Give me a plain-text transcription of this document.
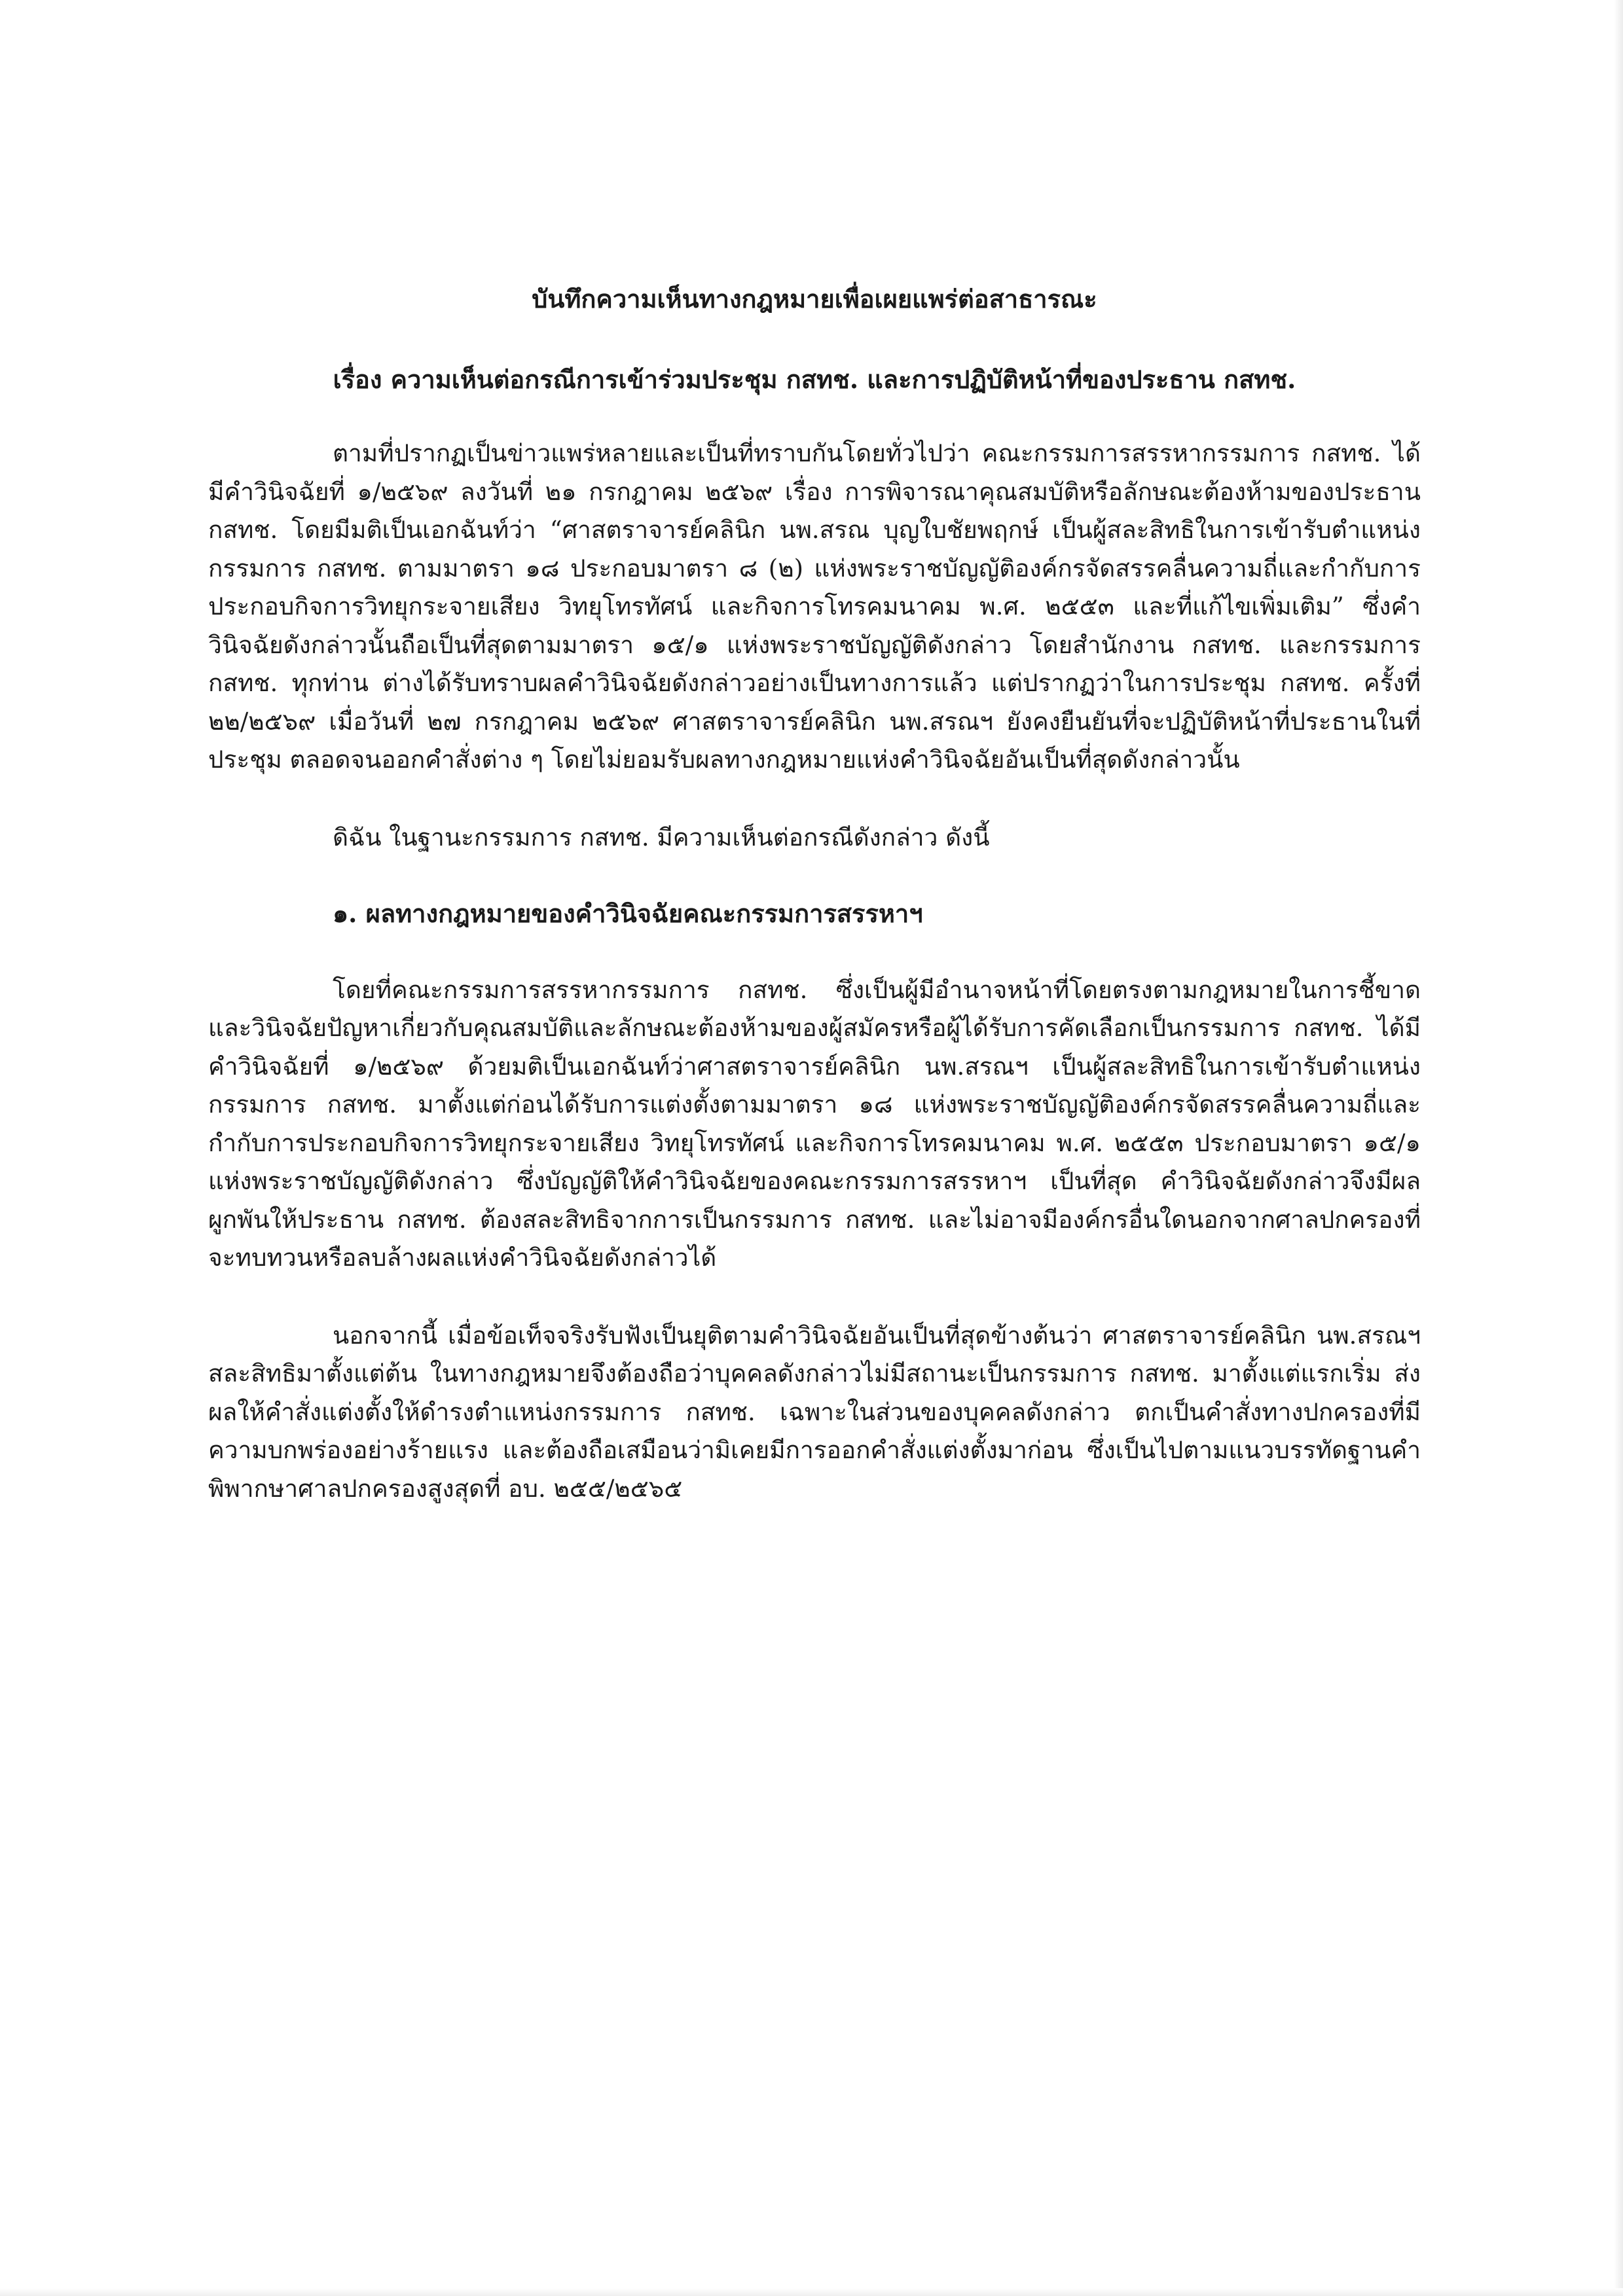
บันทึกความเห็นทางกฎหมายเพื่อเผยแพร่ต่อสาธารณะ
เรื่อง ความเห็นต่อกรณีการเข้าร่วมประชุม กสทช. และการปฏิบัติหน้าที่ของประธาน กสทช.

ตามที่ปรากฏเป็นข่าวแพร่หลายและเป็นที่ทราบกันโดยทั่วไปว่า คณะกรรมการสรรหากรรมการ กสทช. ได้มีคำวินิจฉัยที่ ๑/๒๕๖๙ ลงวันที่ ๒๑ กรกฎาคม ๒๕๖๙ เรื่อง การพิจารณาคุณสมบัติหรือลักษณะต้องห้ามของประธาน กสทช. โดยมีมติเป็นเอกฉันท์ว่า “ศาสตราจารย์คลินิก นพ.สรณ บุญใบชัยพฤกษ์ เป็นผู้สละสิทธิในการเข้ารับตำแหน่งกรรมการ กสทช. ตามมาตรา ๑๘ ประกอบมาตรา ๘ (๒) แห่งพระราชบัญญัติองค์กรจัดสรรคลื่นความถี่และกำกับการประกอบกิจการวิทยุกระจายเสียง วิทยุโทรทัศน์ และกิจการโทรคมนาคม พ.ศ. ๒๕๕๓ และที่แก้ไขเพิ่มเติม” ซึ่งคำวินิจฉัยดังกล่าวนั้นถือเป็นที่สุดตามมาตรา ๑๕/๑ แห่งพระราชบัญญัติดังกล่าว โดยสำนักงาน กสทช. และกรรมการ กสทช. ทุกท่าน ต่างได้รับทราบผลคำวินิจฉัยดังกล่าวอย่างเป็นทางการแล้ว แต่ปรากฏว่าในการประชุม กสทช. ครั้งที่ ๒๒/๒๕๖๙ เมื่อวันที่ ๒๗ กรกฎาคม ๒๕๖๙ ศาสตราจารย์คลินิก นพ.สรณฯ ยังคงยืนยันที่จะปฏิบัติหน้าที่ประธานในที่ประชุม ตลอดจนออกคำสั่งต่าง ๆ โดยไม่ยอมรับผลทางกฎหมายแห่งคำวินิจฉัยอันเป็นที่สุดดังกล่าวนั้น

ดิฉัน ในฐานะกรรมการ กสทช. มีความเห็นต่อกรณีดังกล่าว ดังนี้

๑. ผลทางกฎหมายของคำวินิจฉัยคณะกรรมการสรรหาฯ

โดยที่คณะกรรมการสรรหากรรมการ กสทช. ซึ่งเป็นผู้มีอำนาจหน้าที่โดยตรงตามกฎหมายในการชี้ขาดและวินิจฉัยปัญหาเกี่ยวกับคุณสมบัติและลักษณะต้องห้ามของผู้สมัครหรือผู้ได้รับการคัดเลือกเป็นกรรมการ กสทช. ได้มีคำวินิจฉัยที่ ๑/๒๕๖๙ ด้วยมติเป็นเอกฉันท์ว่าศาสตราจารย์คลินิก นพ.สรณฯ เป็นผู้สละสิทธิในการเข้ารับตำแหน่งกรรมการ กสทช. มาตั้งแต่ก่อนได้รับการแต่งตั้งตามมาตรา ๑๘ แห่งพระราชบัญญัติองค์กรจัดสรรคลื่นความถี่และกำกับการประกอบกิจการวิทยุกระจายเสียง วิทยุโทรทัศน์ และกิจการโทรคมนาคม พ.ศ. ๒๕๕๓ ประกอบมาตรา ๑๕/๑ แห่งพระราชบัญญัติดังกล่าว ซึ่งบัญญัติให้คำวินิจฉัยของคณะกรรมการสรรหาฯ เป็นที่สุด คำวินิจฉัยดังกล่าวจึงมีผลผูกพันให้ประธาน กสทช. ต้องสละสิทธิจากการเป็นกรรมการ กสทช. และไม่อาจมีองค์กรอื่นใดนอกจากศาลปกครองที่จะทบทวนหรือลบล้างผลแห่งคำวินิจฉัยดังกล่าวได้

นอกจากนี้ เมื่อข้อเท็จจริงรับฟังเป็นยุติตามคำวินิจฉัยอันเป็นที่สุดข้างต้นว่า ศาสตราจารย์คลินิก นพ.สรณฯ สละสิทธิมาตั้งแต่ต้น ในทางกฎหมายจึงต้องถือว่าบุคคลดังกล่าวไม่มีสถานะเป็นกรรมการ กสทช. มาตั้งแต่แรกเริ่ม ส่งผลให้คำสั่งแต่งตั้งให้ดำรงตำแหน่งกรรมการ กสทช. เฉพาะในส่วนของบุคคลดังกล่าว ตกเป็นคำสั่งทางปกครองที่มีความบกพร่องอย่างร้ายแรง และต้องถือเสมือนว่ามิเคยมีการออกคำสั่งแต่งตั้งมาก่อน ซึ่งเป็นไปตามแนวบรรทัดฐานคำพิพากษาศาลปกครองสูงสุดที่ อบ. ๒๕๕/๒๕๖๕
